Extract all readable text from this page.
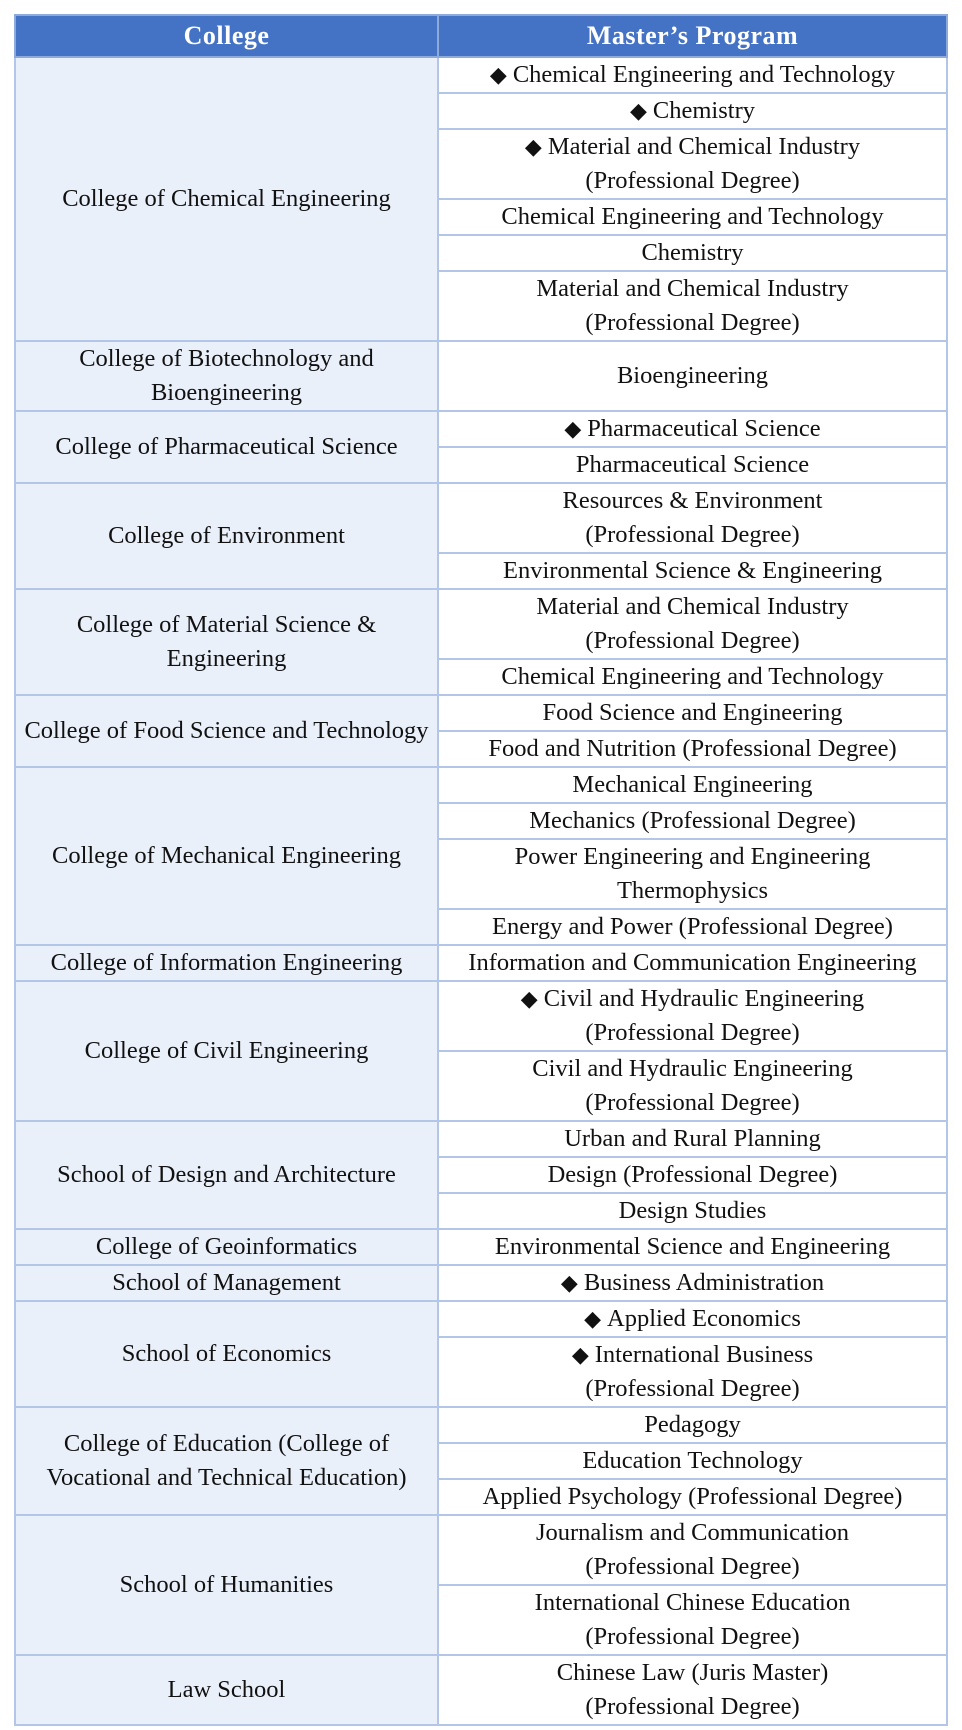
College	Master’s Program
College of Chemical Engineering	◆ Chemical Engineering and Technology

	◆ Chemistry

	◆ Material and Chemical Industry
(Professional Degree)

	Chemical Engineering and Technology

	Chemistry

	Material and Chemical Industry
(Professional Degree)

College of Biotechnology and Bioengineering	Bioengineering

College of Pharmaceutical Science	◆ Pharmaceutical Science

	Pharmaceutical Science

College of Environment	Resources & Environment
(Professional Degree)

	Environmental Science & Engineering

College of Material Science & Engineering	Material and Chemical Industry
(Professional Degree)

	Chemical Engineering and Technology

College of Food Science and Technology	Food Science and Engineering

	Food and Nutrition (Professional Degree)

College of Mechanical Engineering	Mechanical Engineering

	Mechanics (Professional Degree)

	Power Engineering and Engineering
Thermophysics

	Energy and Power (Professional Degree)

College of Information Engineering	Information and Communication Engineering

College of Civil Engineering	◆ Civil and Hydraulic Engineering
(Professional Degree)

	Civil and Hydraulic Engineering
(Professional Degree)

School of Design and Architecture	Urban and Rural Planning

	Design (Professional Degree)

	Design Studies

College of Geoinformatics	Environmental Science and Engineering

School of Management	◆ Business Administration

School of Economics	◆ Applied Economics

	◆ International Business
(Professional Degree)

College of Education (College of Vocational and Technical Education)	Pedagogy

	Education Technology

	Applied Psychology (Professional Degree)

School of Humanities	Journalism and Communication
(Professional Degree)

	International Chinese Education
(Professional Degree)

Law School	Chinese Law (Juris Master)
(Professional Degree)
